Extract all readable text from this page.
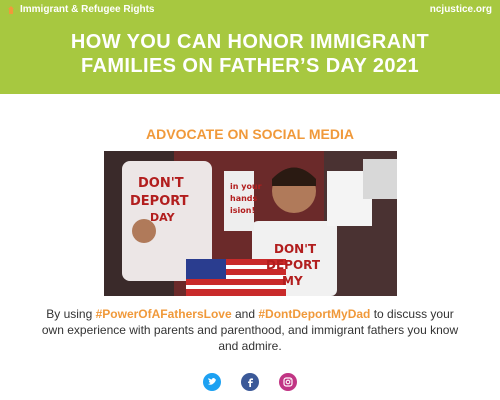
Immigrant & Refugee Rights	ncjustice.org
HOW YOU CAN HONOR IMMIGRANT
FAMILIES ON FATHER’S DAY 2021
ADVOCATE ON SOCIAL MEDIA
DON'T
DEPORT
DAY
DON'T
DEPORT
MY
in your
hands
ision!
By using #PowerOfAFathersLove and #DontDeportMyDad to discuss your own experience with parents and parenthood, and immigrant fathers you know and admire.
